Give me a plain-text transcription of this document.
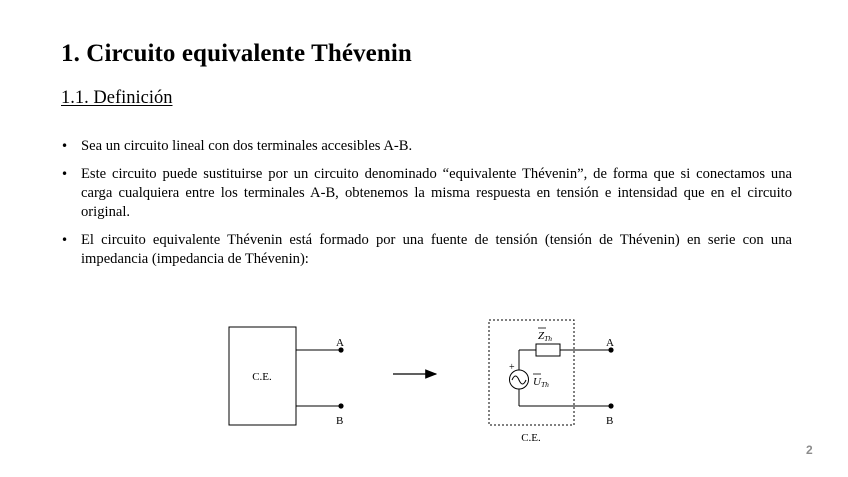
1. Circuito equivalente Thévenin
1.1. Definición
• Sea un circuito lineal con dos terminales accesibles A-B.
• Este circuito puede sustituirse por un circuito denominado “equivalente Thévenin”, de forma que si conectamos una carga cualquiera entre los terminales A-B, obtenemos la misma respuesta en tensión e intensidad que en el circuito original.
• El circuito equivalente Thévenin está formado por una fuente de tensión (tensión de Thévenin) en serie con una impedancia (impedancia de Thévenin):
C.E.
A
B
C.E.
+
A
B
ZTh
UTh
2
